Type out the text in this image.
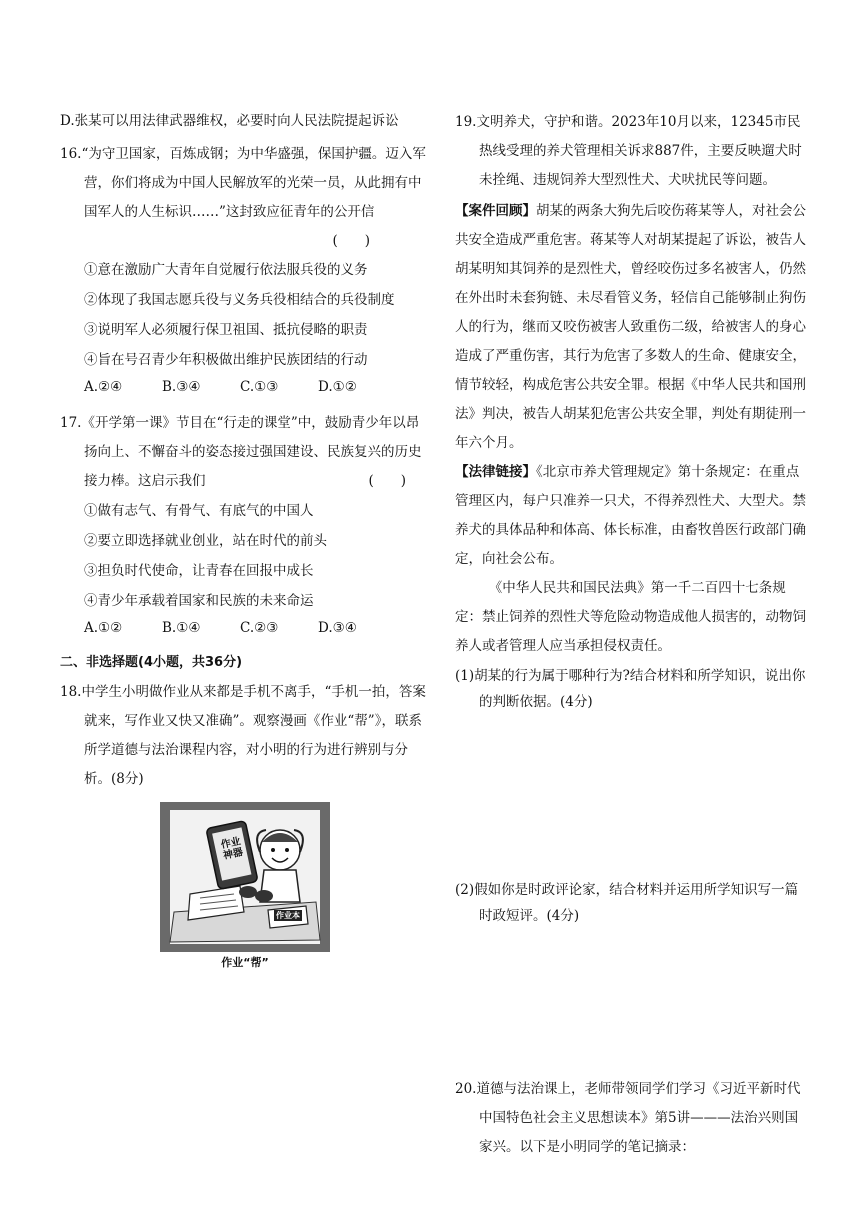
D.张某可以用法律武器维权，必要时向人民法院提起诉讼
16.“为守卫国家，百炼成钢；为中华盛强，保国护疆。迈入军营，你们将成为中国人民解放军的光荣一员，从此拥有中国军人的人生标识……”这封致应征青年的公开信
(　　)
①意在激励广大青年自觉履行依法服兵役的义务
②体现了我国志愿兵役与义务兵役相结合的兵役制度
③说明军人必须履行保卫祖国、抵抗侵略的职责
④旨在号召青少年积极做出维护民族团结的行动
A.②④	B.③④	C.①③	D.①②
17.《开学第一课》节目在“行走的课堂”中，鼓励青少年以昂扬向上、不懈奋斗的姿态接过强国建设、民族复兴的历史接力棒。这启示我们	(　　)
①做有志气、有骨气、有底气的中国人
②要立即选择就业创业，站在时代的前头
③担负时代使命，让青春在回报中成长
④青少年承载着国家和民族的未来命运
A.①②	B.①④	C.②③	D.③④
二、非选择题(4小题，共36分)
18.中学生小明做作业从来都是手机不离手，“手机一拍，答案就来，写作业又快又准确”。观察漫画《作业“帮”》，联系所学道德与法治课程内容，对小明的行为进行辨别与分析。(8分)
作业神器
作业本
作业“帮”
19.文明养犬，守护和谐。2023年10月以来，12345市民热线受理的养犬管理相关诉求887件，主要反映遛犬时未拴绳、违规饲养大型烈性犬、犬吠扰民等问题。
【案件回顾】胡某的两条大狗先后咬伤蒋某等人，对社会公共安全造成严重危害。蒋某等人对胡某提起了诉讼，被告人胡某明知其饲养的是烈性犬，曾经咬伤过多名被害人，仍然在外出时未套狗链、未尽看管义务，轻信自己能够制止狗伤人的行为，继而又咬伤被害人致重伤二级，给被害人的身心造成了严重伤害，其行为危害了多数人的生命、健康安全，情节较轻，构成危害公共安全罪。根据《中华人民共和国刑法》判决，被告人胡某犯危害公共安全罪，判处有期徒刑一年六个月。
【法律链接】《北京市养犬管理规定》第十条规定：在重点管理区内，每户只准养一只犬，不得养烈性犬、大型犬。禁养犬的具体品种和体高、体长标准，由畜牧兽医行政部门确定，向社会公布。
《中华人民共和国民法典》第一千二百四十七条规定：禁止饲养的烈性犬等危险动物造成他人损害的，动物饲养人或者管理人应当承担侵权责任。
(1)胡某的行为属于哪种行为?结合材料和所学知识，说出你的判断依据。(4分)
(2)假如你是时政评论家，结合材料并运用所学知识写一篇时政短评。(4分)
20.道德与法治课上，老师带领同学们学习《习近平新时代中国特色社会主义思想读本》第5讲———法治兴则国家兴。以下是小明同学的笔记摘录：
